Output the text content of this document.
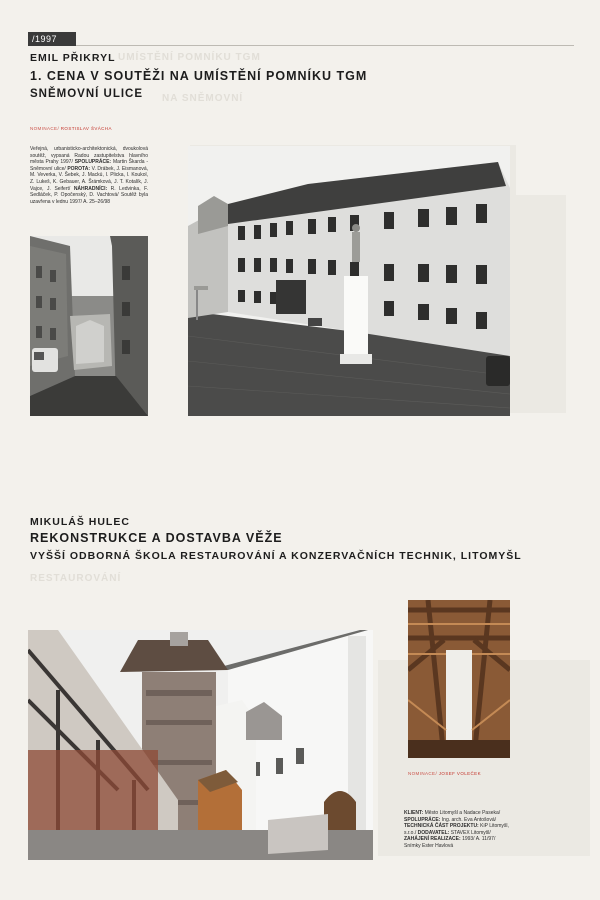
/1997
UMÍSTĚNÍ POMNÍKU TGM
NA SNĚMOVNÍ
RESTAUROVÁNÍ
EMIL PŘIKRYL
1. CENA V SOUTĚŽI NA UMÍSTĚNÍ POMNÍKU TGM
SNĚMOVNÍ ULICE
NOMINACE/ ROSTISLAV ŠVÁCHA
Veřejná, urbanisticko-architektonická, dvoukolová soutěž, vypsaná Radou zastupitelstva hlavního města Prahy 1997/ SPOLUPRÁCE: Martin Škarda - Sněmovní ulice/ POROTA: V. Drábek, J. Eismanová, M. Veverka, V. Šebek, J. Mackú, I. Plicka, I. Koukol, Z. Lukeš, K. Gebauer, A. Šrámková, J. T. Kotalík, J. Vajce, J. Seifert/ NÁHRADNÍCI: R. Ledvinka, F. Sedláček, P. Opočenský, D. Vachtová/ Soutěž byla uzavřena v lednu 1997/ A. 25–26/98
MIKULÁŠ HULEC
REKONSTRUKCE A DOSTAVBA VĚŽE
VYŠŠÍ ODBORNÁ ŠKOLA RESTAUROVÁNÍ A KONZERVAČNÍCH TECHNIK, LITOMYŠL
NOMINACE/ JOSEF VOLEČEK
KLIENT: Město Litomyšl a Nadace Paseka/ SPOLUPRÁCE: Ing. arch. Eva Antošová/ TECHNICKÁ ČÁST PROJEKTU: KiP Litomyšl, s.r.o./ DODAVATEL: STAVEX Litomyšl/ ZAHÁJENÍ REALIZACE: 1993/ A. 11/97/ Snímky Ester Havlová
